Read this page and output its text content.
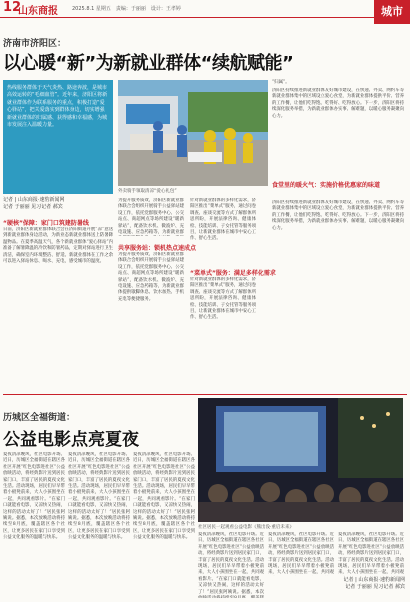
12
山东商报	2025.8.1 星期五　责编：于丽丽　设计：王孝婷	城市
济南市济阳区：
以心暖“新”为新就业群体“续航赋能”
热线服务群体于天气炎热、路途奔波，是城市高效运转的“毛细血管”。近年来，济阳区将新就业群体作为联系服务的重点，积极打造“爱心驿站”，把关爱落实到群体身边，切实增强新就业群体的归属感、获得感和幸福感，为城市发展注入温暖力量。
记者 | 山东商报·速豹新闻网
记者 于丽丽 见习记者 郝宾
外卖骑手领取清凉“爱心礼包”
“硬核”保障：家门口筑建防暑线
日前，济阳区新就业群体联合会在济阳街道开展“凉”意送到新就业群体身边活动，为新业态新就业群体送上防暑降温物品。在夏季高温天气，各个新就业群体“爱心驿站”内准备了解暑降温的冷饮和防暑药品，定期对驿站进行卫生清洁，确保室内环境整洁、舒适。新就业群体在工作之余可以进入驿站休息、喝水、充电，感受城市的温度。
为提升服务质效，济阳区新就业群体联合会组织开展骑手公益驿站建设工作，依托党群服务中心、公交站点、商超网点等场所建设“暖新驿站”，配备饮水机、微波炉、充电设施、应急药箱等，为新就业群
共享服务站：锁机热点速成点
为提升服务质效，济阳区新就业群体联合会组织开展骑手公益驿站建设工作，依托党群服务中心、公交站点、商超网点等场所建设“暖新驿站”，配备饮水机、微波炉、充电设施、应急药箱等，为新就业群体提供歇脚休息、饮水加热、手机充电等便捷服务。
针对新就业群体的多样化需求，济阳区推出“菜单式”服务，通过问卷调查、座谈交流等方式了解群体所思所盼，开展法律咨询、健康体检、技能培训、子女托管等服务项目，让新就业群体在城市中安心工作、舒心生活。
“菜单式”服务：满足多样化需求
针对新就业群体的多样化需求，济阳区推出“菜单式”服务，通过问卷调查、座谈交流等方式了解群体所思所盼，开展法律咨询、健康体检、技能培训、子女托管等服务项目，让新就业群体在城市中安心工作、舒心生活。
“归属”。
济阳区持续推进新就业群体友好城市建设，在快递、外卖、网约车等新就业群体集中的区域设立爱心食堂，为新就业群体提供平价、营养的工作餐，让他们吃得饱、吃得好、吃得放心。下一步，济阳区将持续深化服务举措，为新就业群体办实事、解难题，以暖心服务凝聚向心力。
食堂里的暖火气：实施价格优惠家的味道
济阳区持续推进新就业群体友好城市建设，在快递、外卖、网约车等新就业群体集中的区域设立爱心食堂，为新就业群体提供平价、营养的工作餐，让他们吃得饱、吃得好、吃得放心。下一步，济阳区将持续深化服务举措，为新就业群体办实事、解难题，以暖心服务凝聚向心力。
历城区全福街道：
公益电影点亮夏夜
夏夜清凉晚风，社区电影开场。近日，历城区全福街道在辖区各社区开展“红色电影进社区”公益放映活动，将经典影片送到居民家门口，丰富了居民的夏夜文化生活。活动现场，居民们早早带着小板凳前来，大人小孩围坐在一起，共同观看影片。“在家门口就能看电影，又凉快又热闹，这样的活动太好了！”居民张阿姨说。据悉，本次放映活动将持续至8月底，覆盖辖区各个社区，让更多居民在家门口享受到公益文化服务的温暖与快乐。
夏夜清凉晚风，社区电影开场。近日，历城区全福街道在辖区各社区开展“红色电影进社区”公益放映活动，将经典影片送到居民家门口，丰富了居民的夏夜文化生活。活动现场，居民们早早带着小板凳前来，大人小孩围坐在一起，共同观看影片。“在家门口就能看电影，又凉快又热闹，这样的活动太好了！”居民张阿姨说。据悉，本次放映活动将持续至8月底，覆盖辖区各个社区，让更多居民在家门口享受到公益文化服务的温暖与快乐。
夏夜清凉晚风，社区电影开场。近日，历城区全福街道在辖区各社区开展“红色电影进社区”公益放映活动，将经典影片送到居民家门口，丰富了居民的夏夜文化生活。活动现场，居民们早早带着小板凳前来，大人小孩围坐在一起，共同观看影片。“在家门口就能看电影，又凉快又热闹，这样的活动太好了！”居民张阿姨说。据悉，本次放映活动将持续至8月底，覆盖辖区各个社区，让更多居民在家门口享受到公益文化服务的温暖与快乐。
社区居民一起观看公益电影《熊出没·重启未来》
夏夜清凉晚风，社区电影开场。近日，历城区全福街道在辖区各社区开展“红色电影进社区”公益放映活动，将经典影片送到居民家门口，丰富了居民的夏夜文化生活。活动现场，居民们早早带着小板凳前来，大人小孩围坐在一起，共同观看影片。“在家门口就能看电影，又凉快又热闹，这样的活动太好了！”居民张阿姨说。据悉，本次
夏夜清凉晚风，社区电影开场。近日，历城区全福街道在辖区各社区开展“红色电影进社区”公益放映活动，将经典影片送到居民家门口，丰富了居民的夏夜文化生活。活动现场，居民们早早带着小板凳前来，大人小孩围坐在一起，共同观
夏夜清凉晚风，社区电影开场。近日，历城区全福街道在辖区各社区开展“红色电影进社区”公益放映活动，将经典影片送到居民家门口，丰富了居民的夏夜文化生活。活动现场，居民们早早带着小板凳前来，大人小孩围坐在一起，共同观
记者 | 山东商报·速豹新闻网
记者 于丽丽 见习记者 郝宾
